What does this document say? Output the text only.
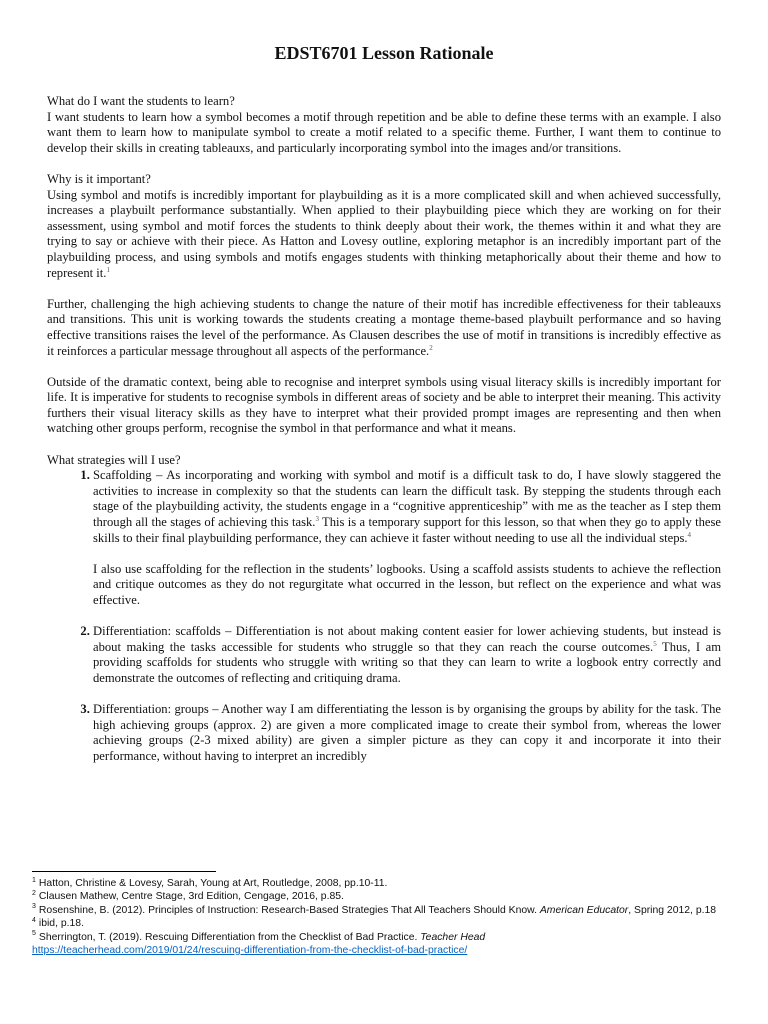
EDST6701 Lesson Rationale

What do I want the students to learn?

I want students to learn how a symbol becomes a motif through repetition and be able to define these terms with an example. I also want them to learn how to manipulate symbol to create a motif related to a specific theme. Further, I want them to continue to develop their skills in creating tableauxs, and particularly incorporating symbol into the images and/or transitions.

Why is it important?

Using symbol and motifs is incredibly important for playbuilding as it is a more complicated skill and when achieved successfully, increases a playbuilt performance substantially. When applied to their playbuilding piece which they are working on for their assessment, using symbol and motif forces the students to think deeply about their work, the themes within it and what they are trying to say or achieve with their piece. As Hatton and Lovesy outline, exploring metaphor is an incredibly important part of the playbuilding process, and using symbols and motifs engages students with thinking metaphorically about their theme and how to represent it.$^1$

Further, challenging the high achieving students to change the nature of their motif has incredible effectiveness for their tableauxs and transitions. This unit is working towards the students creating a montage theme-based playbuilt performance and so having effective transitions raises the level of the performance. As Clausen describes the use of motif in transitions is incredibly effective as it reinforces a particular message throughout all aspects of the performance.$^2$

Outside of the dramatic context, being able to recognise and interpret symbols using visual literacy skills is incredibly important for life. It is imperative for students to recognise symbols in different areas of society and be able to interpret their meaning. This activity furthers their visual literacy skills as they have to interpret what their provided prompt images are representing and then when watching other groups perform, recognise the symbol in that performance and what it means.

What strategies will I use?

1. Scaffolding – As incorporating and working with symbol and motif is a difficult task to do, I have slowly staggered the activities to increase in complexity so that the students can learn the difficult task. By stepping the students through each stage of the playbuilding activity, the students engage in a “cognitive apprenticeship” with me as the teacher as I step them through all the stages of achieving this task.$^3$ This is a temporary support for this lesson, so that when they go to apply these skills to their final playbuilding performance, they can achieve it faster without needing to use all the individual steps.$^4$

I also use scaffolding for the reflection in the students’ logbooks. Using a scaffold assists students to achieve the reflection and critique outcomes as they do not regurgitate what occurred in the lesson, but reflect on the experience and what was effective.

2. Differentiation: scaffolds – Differentiation is not about making content easier for lower achieving students, but instead is about making the tasks accessible for students who struggle so that they can reach the course outcomes.$^5$ Thus, I am providing scaffolds for students who struggle with writing so that they can learn to write a logbook entry correctly and demonstrate the outcomes of reflecting and critiquing drama.
3. Differentiation: groups – Another way I am differentiating the lesson is by organising the groups by ability for the task. The high achieving groups (approx. 2) are given a more complicated image to create their symbol from, whereas the lower achieving groups (2-3 mixed ability) are given a simpler picture as they can copy it and incorporate it into their performance, without having to interpret an incredibly

$^1$ Hatton, Christine & Lovesy, Sarah, Young at Art, Routledge, 2008, pp.10-11.

$^2$ Clausen Mathew, Centre Stage, 3rd Edition, Cengage, 2016, p.85.

$^3$ Rosenshine, B. (2012). Principles of Instruction: Research-Based Strategies That All Teachers Should Know. American Educator, Spring 2012, p.18

$^4$ ibid, p.18.

$^5$ Sherrington, T. (2019). Rescuing Differentiation from the Checklist of Bad Practice. Teacher Head
https://teacherhead.com/2019/01/24/rescuing-differentiation-from-the-checklist-of-bad-practice/
